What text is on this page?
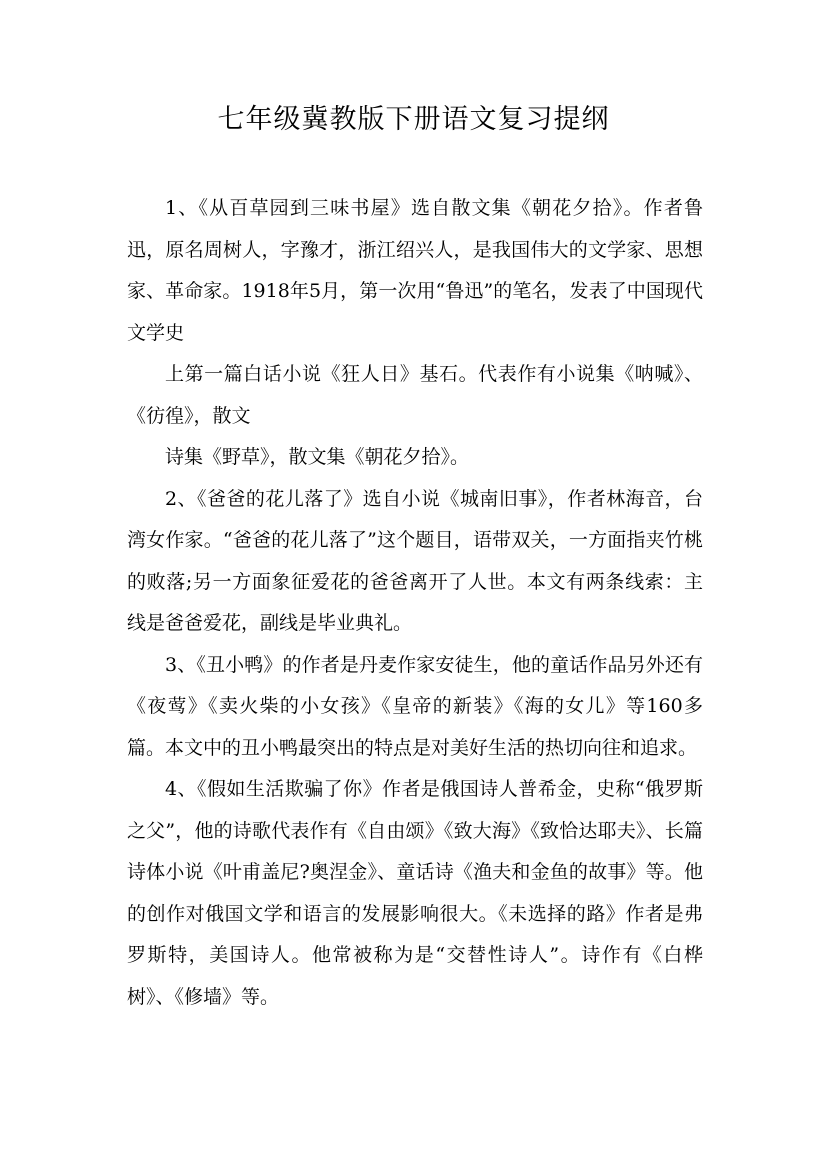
七年级冀教版下册语文复习提纲

1、《从百草园到三味书屋》选自散文集《朝花夕拾》。作者鲁迅，原名周树人，字豫才，浙江绍兴人，是我国伟大的文学家、思想家、革命家。1918年5月，第一次用“鲁迅”的笔名，发表了中国现代文学史

上第一篇白话小说《狂人日》基石。代表作有小说集《呐喊》、《彷徨》，散文

诗集《野草》，散文集《朝花夕拾》。

2、《爸爸的花儿落了》选自小说《城南旧事》，作者林海音，台湾女作家。“爸爸的花儿落了”这个题目，语带双关，一方面指夹竹桃的败落;另一方面象征爱花的爸爸离开了人世。本文有两条线索：主线是爸爸爱花，副线是毕业典礼。

3、《丑小鸭》的作者是丹麦作家安徒生，他的童话作品另外还有《夜莺》《卖火柴的小女孩》《皇帝的新装》《海的女儿》等160多篇。本文中的丑小鸭最突出的特点是对美好生活的热切向往和追求。

4、《假如生活欺骗了你》作者是俄国诗人普希金，史称“俄罗斯之父”，他的诗歌代表作有《自由颂》《致大海》《致恰达耶夫》、长篇诗体小说《叶甫盖尼?奥涅金》、童话诗《渔夫和金鱼的故事》等。他的创作对俄国文学和语言的发展影响很大。《未选择的路》作者是弗罗斯特，美国诗人。他常被称为是“交替性诗人”。诗作有《白桦树》、《修墙》等。
